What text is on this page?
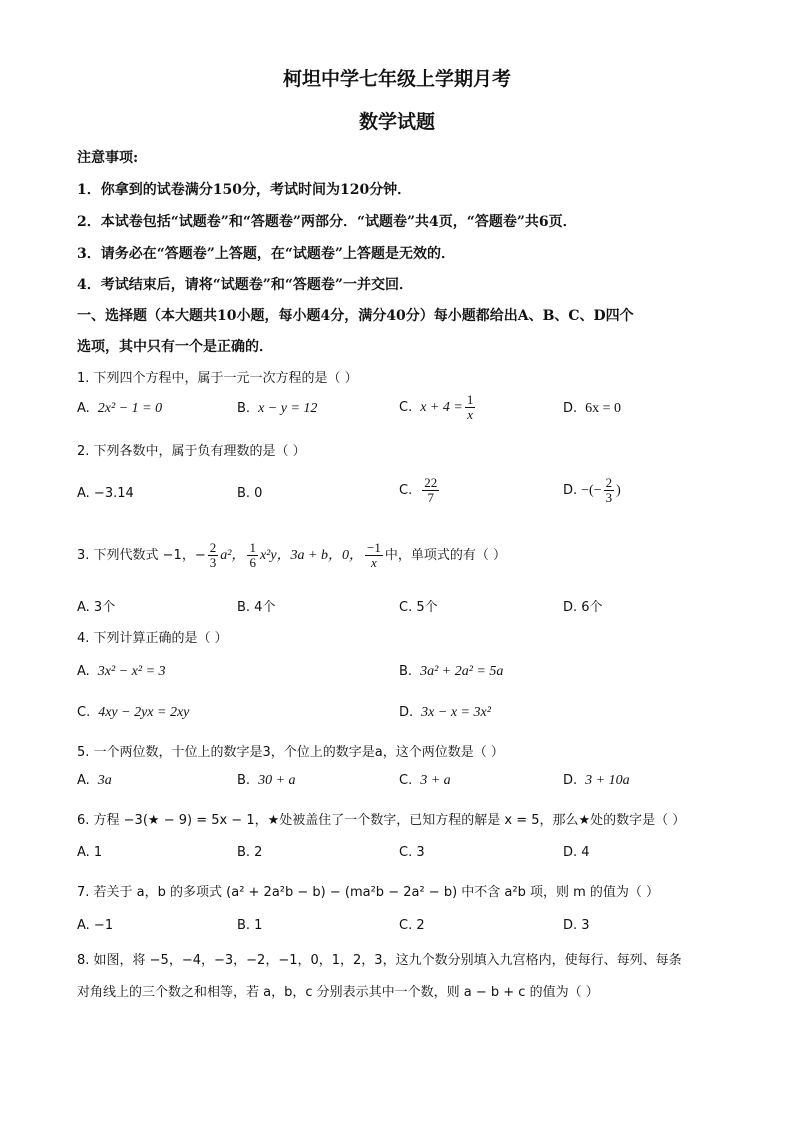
柯坦中学七年级上学期月考
数学试题
注意事项:
1．你拿到的试卷满分150分，考试时间为120分钟．
2．本试卷包括“试题卷”和“答题卷”两部分．“试题卷”共4页，“答题卷”共6页．
3．请务必在“答题卷”上答题，在“试题卷”上答题是无效的．
4．考试结束后，请将“试题卷”和“答题卷”一并交回．
一、选择题（本大题共10小题，每小题4分，满分40分）每小题都给出A、B、C、D四个
选项，其中只有一个是正确的．
1. 下列四个方程中，属于一元一次方程的是（ ）
A. 2x² − 1 = 0	B. x − y = 12	C. $x + 4 = \frac{1}{x}$	D. 6x = 0
2. 下列各数中，属于负有理数的是（ ）
A. −3.14	B. 0	C. $\frac{22}{7}$	D. −(− $\frac{2}{3}$ )
3. 下列代数式 −1，− $\frac{2}{3} a^2$， $\frac{1}{6} x^2y$，3a + b，0， $\frac{-1}{x}$ 中，单项式的有（ ）
A. 3个	B. 4个	C. 5个	D. 6个
4. 下列计算正确的是（ ）
A. 3x² − x² = 3	B. 3a² + 2a² = 5a
C. 4xy − 2yx = 2xy	D. 3x − x = 3x²
5. 一个两位数，十位上的数字是3，个位上的数字是a，这个两位数是（ ）
A. 3a	B. 30 + a	C. 3 + a	D. 3 + 10a
6. 方程 −3(★ − 9) = 5x − 1，★处被盖住了一个数字，已知方程的解是 x = 5，那么★处的数字是（ ）
A. 1	B. 2	C. 3	D. 4
7. 若关于 a，b 的多项式 (a² + 2a²b − b) − (ma²b − 2a² − b) 中不含 a²b 项，则 m 的值为（ ）
A. −1	B. 1	C. 2	D. 3
8. 如图，将 −5，−4，−3，−2，−1，0，1，2，3，这九个数分别填入九宫格内，使每行、每列、每条
对角线上的三个数之和相等，若 a，b，c 分别表示其中一个数，则 a − b + c 的值为（ ）
